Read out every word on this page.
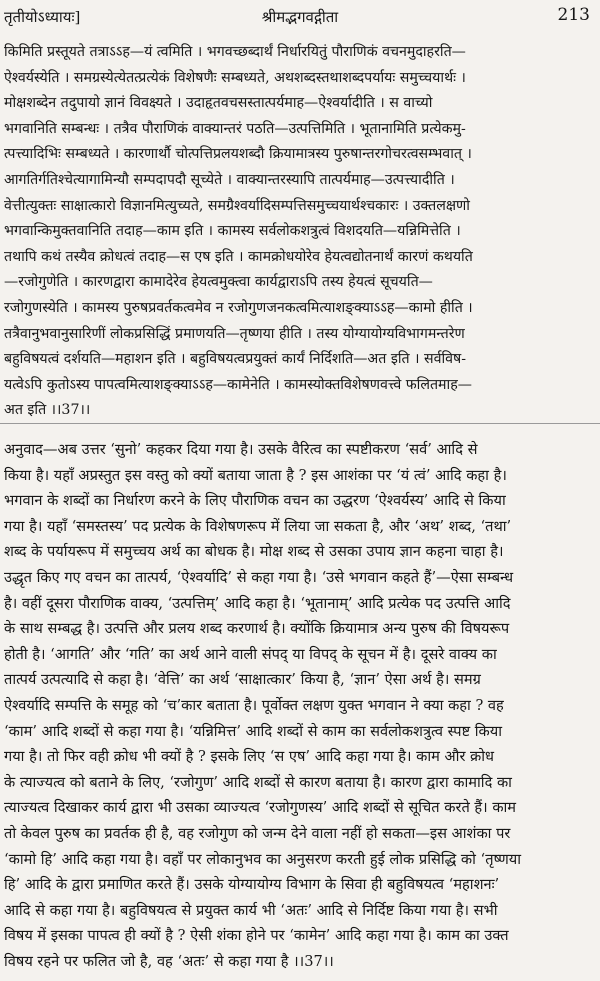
तृतीयोऽध्यायः]	श्रीमद्भगवद्गीता	213
किमिति प्रस्तूयते तत्राऽऽह—यं त्वमिति । भगवच्छब्दार्थं निर्धारयितुं पौराणिकं वचनमुदाहरति—
ऐश्वर्यस्येति । समग्रस्येत्येतत्प्रत्येकं विशेषणैः सम्बध्यते, अथशब्दस्तथाशब्दपर्यायः समुच्चयार्थः ।
मोक्षशब्देन तदुपायो ज्ञानं विवक्ष्यते । उदाहृतवचसस्तात्पर्यमाह—ऐश्वर्यादीति । स वाच्यो
भगवानिति सम्बन्धः । तत्रैव पौराणिकं वाक्यान्तरं पठति—उत्पत्तिमिति । भूतानामिति प्रत्येकमु-
त्पत्त्यादिभिः सम्बध्यते । कारणार्थौ चोत्पत्तिप्रलयशब्दौ क्रियामात्रस्य पुरुषान्तरगोचरत्वसम्भवात् ।
आगतिर्गतिश्चेत्यागामिन्यौ सम्पदापदौ सूच्येते । वाक्यान्तरस्यापि तात्पर्यमाह—उत्पत्त्यादीति ।
वेत्तीत्युक्तः साक्षात्कारो विज्ञानमित्युच्यते, समग्रैश्वर्यादिसम्पत्तिसमुच्चयार्थश्चकारः । उक्तलक्षणो
भगवान्किमुक्तवानिति तदाह—काम इति । कामस्य सर्वलोकशत्रुत्वं विशदयति—यन्निमित्तेति ।
तथापि कथं तस्यैव क्रोधत्वं तदाह—स एष इति । कामक्रोधयोरेव हेयत्वद्योतनार्थं कारणं कथयति
—रजोगुणेति । कारणद्वारा कामादेरेव हेयत्वमुक्त्वा कार्यद्वाराऽपि तस्य हेयत्वं सूचयति—
रजोगुणस्येति । कामस्य पुरुषप्रवर्तकत्वमेव न रजोगुणजनकत्वमित्याशङ्क्याऽऽह—कामो हीति ।
तत्रैवानुभवानुसारिणीं लोकप्रसिद्धिं प्रमाणयति—तृष्णया हीति । तस्य योग्यायोग्यविभागमन्तरेण
बहुविषयत्वं दर्शयति—महाशन इति । बहुविषयत्वप्रयुक्तं कार्यं निर्दिशति—अत इति । सर्वविष-
यत्वेऽपि कुतोऽस्य पापत्वमित्याशङ्क्याऽऽह—कामेनेति । कामस्योक्तविशेषणवत्त्वे फलितमाह—
अत इति ।।37।।
अनुवाद—अब उत्तर ‘सुनो’ कहकर दिया गया है। उसके वैरित्व का स्पष्टीकरण ‘सर्व’ आदि से
किया है। यहाँ अप्रस्तुत इस वस्तु को क्यों बताया जाता है ? इस आशंका पर ‘यं त्वं’ आदि कहा है।
भगवान के शब्दों का निर्धारण करने के लिए पौराणिक वचन का उद्धरण ‘ऐश्वर्यस्य’ आदि से किया
गया है। यहाँ ‘समस्तस्य’ पद प्रत्येक के विशेषणरूप में लिया जा सकता है, और ‘अथ’ शब्द, ‘तथा’
शब्द के पर्यायरूप में समुच्चय अर्थ का बोधक है। मोक्ष शब्द से उसका उपाय ज्ञान कहना चाहा है।
उद्धृत किए गए वचन का तात्पर्य, ‘ऐश्वर्यादि’ से कहा गया है। ‘उसे भगवान कहते हैं’—ऐसा सम्बन्ध
है। वहीं दूसरा पौराणिक वाक्य, ‘उत्पत्तिम्’ आदि कहा है। ‘भूतानाम्’ आदि प्रत्येक पद उत्पत्ति आदि
के साथ सम्बद्ध है। उत्पत्ति और प्रलय शब्द करणार्थ है। क्योंकि क्रियामात्र अन्य पुरुष की विषयरूप
होती है। ‘आगति’ और ‘गति’ का अर्थ आने वाली संपद् या विपद् के सूचन में है। दूसरे वाक्य का
तात्पर्य उत्पत्यादि से कहा है। ‘वेत्ति’ का अर्थ ‘साक्षात्कार’ किया है, ‘ज्ञान’ ऐसा अर्थ है। समग्र
ऐश्वर्यादि सम्पत्ति के समूह को ‘च’कार बताता है। पूर्वोक्त लक्षण युक्त भगवान ने क्या कहा ? वह
‘काम’ आदि शब्दों से कहा गया है। ‘यन्निमित्त’ आदि शब्दों से काम का सर्वलोकशत्रुत्व स्पष्ट किया
गया है। तो फिर वही क्रोध भी क्यों है ? इसके लिए ‘स एष’ आदि कहा गया है। काम और क्रोध
के त्याज्यत्व को बताने के लिए, ‘रजोगुण’ आदि शब्दों से कारण बताया है। कारण द्वारा कामादि का
त्याज्यत्व दिखाकर कार्य द्वारा भी उसका व्याज्यत्व ‘रजोगुणस्य’ आदि शब्दों से सूचित करते हैं। काम
तो केवल पुरुष का प्रवर्तक ही है, वह रजोगुण को जन्म देने वाला नहीं हो सकता—इस आशंका पर
‘कामो हि’ आदि कहा गया है। वहाँ पर लोकानुभव का अनुसरण करती हुई लोक प्रसिद्धि को ‘तृष्णया
हि’ आदि के द्वारा प्रमाणित करते हैं। उसके योग्यायोग्य विभाग के सिवा ही बहुविषयत्व ‘महाशनः’
आदि से कहा गया है। बहुविषयत्व से प्रयुक्त कार्य भी ‘अतः’ आदि से निर्दिष्ट किया गया है। सभी
विषय में इसका पापत्व ही क्यों है ? ऐसी शंका होने पर ‘कामेन’ आदि कहा गया है। काम का उक्त
विषय रहने पर फलित जो है, वह ‘अतः’ से कहा गया है ।।37।।
